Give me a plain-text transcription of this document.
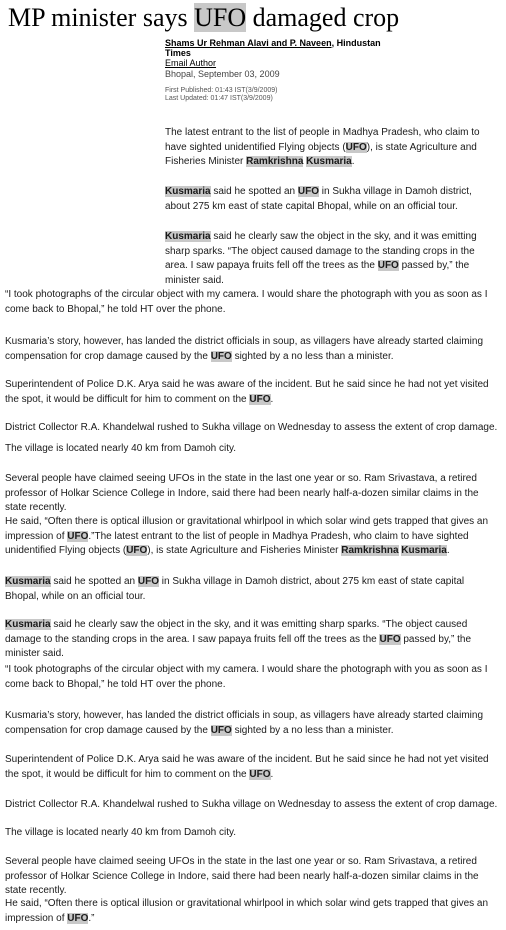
MP minister says UFO damaged crop
Shams Ur Rehman Alavi and P. Naveen, Hindustan Times
Email Author
Bhopal, September 03, 2009
First Published: 01:43 IST(3/9/2009)
Last Updated: 01:47 IST(3/9/2009)

The latest entrant to the list of people in Madhya Pradesh, who claim to have sighted unidentified Flying objects (UFO), is state Agriculture and Fisheries Minister Ramkrishna Kusmaria.

Kusmaria said he spotted an UFO in Sukha village in Damoh district, about 275 km east of state capital Bhopal, while on an official tour.

Kusmaria said he clearly saw the object in the sky, and it was emitting sharp sparks. “The object caused damage to the standing crops in the area. I saw papaya fruits fell off the trees as the UFO passed by,” the minister said.

“I took photographs of the circular object with my camera. I would share the photograph with you as soon as I come back to Bhopal,” he told HT over the phone.

Kusmaria’s story, however, has landed the district officials in soup, as villagers have already started claiming compensation for crop damage caused by the UFO sighted by a no less than a minister.

Superintendent of Police D.K. Arya said he was aware of the incident. But he said since he had not yet visited the spot, it would be difficult for him to comment on the UFO.

District Collector R.A. Khandelwal rushed to Sukha village on Wednesday to assess the extent of crop damage.

The village is located nearly 40 km from Damoh city.

Several people have claimed seeing UFOs in the state in the last one year or so. Ram Srivastava, a retired professor of Holkar Science College in Indore, said there had been nearly half-a-dozen similar claims in the state recently.

He said, “Often there is optical illusion or gravitational whirlpool in which solar wind gets trapped that gives an impression of UFO.”The latest entrant to the list of people in Madhya Pradesh, who claim to have sighted unidentified Flying objects (UFO), is state Agriculture and Fisheries Minister Ramkrishna Kusmaria.

Kusmaria said he spotted an UFO in Sukha village in Damoh district, about 275 km east of state capital Bhopal, while on an official tour.

Kusmaria said he clearly saw the object in the sky, and it was emitting sharp sparks. “The object caused damage to the standing crops in the area. I saw papaya fruits fell off the trees as the UFO passed by,” the minister said.

“I took photographs of the circular object with my camera. I would share the photograph with you as soon as I come back to Bhopal,” he told HT over the phone.

Kusmaria’s story, however, has landed the district officials in soup, as villagers have already started claiming compensation for crop damage caused by the UFO sighted by a no less than a minister.

Superintendent of Police D.K. Arya said he was aware of the incident. But he said since he had not yet visited the spot, it would be difficult for him to comment on the UFO.

District Collector R.A. Khandelwal rushed to Sukha village on Wednesday to assess the extent of crop damage.

The village is located nearly 40 km from Damoh city.

Several people have claimed seeing UFOs in the state in the last one year or so. Ram Srivastava, a retired professor of Holkar Science College in Indore, said there had been nearly half-a-dozen similar claims in the state recently.

He said, “Often there is optical illusion or gravitational whirlpool in which solar wind gets trapped that gives an impression of UFO.”
